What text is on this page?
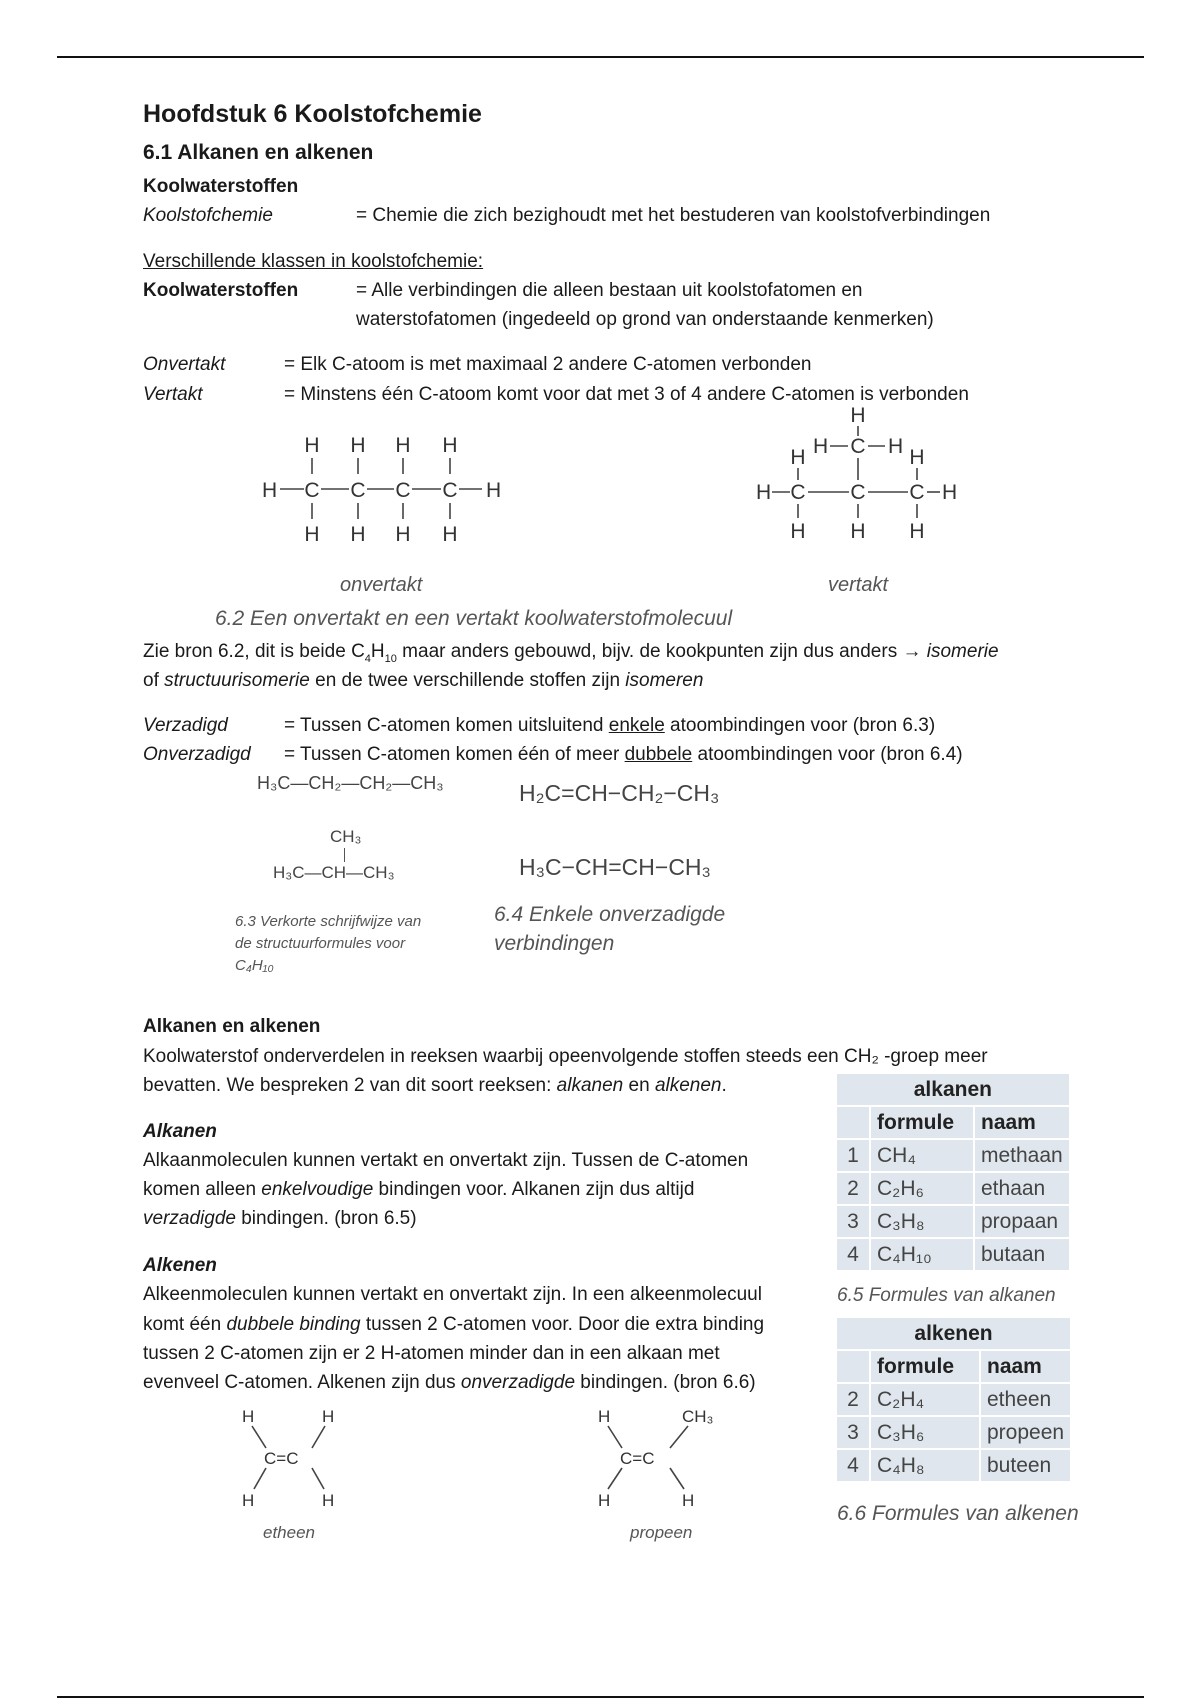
Hoofdstuk 6 Koolstofchemie
6.1 Alkanen en alkenen
Koolwaterstoffen
Koolstofchemie	= Chemie die zich bezighoudt met het bestuderen van koolstofverbindingen
Verschillende klassen in koolstofchemie:
Koolwaterstoffen	= Alle verbindingen die alleen bestaan uit koolstofatomen en
waterstofatomen (ingedeeld op grond van onderstaande kenmerken)
Onvertakt	= Elk C-atoom is met maximaal 2 andere C-atomen verbonden
Vertakt	= Minstens één C-atoom komt voor dat met 3 of 4 andere C-atomen is verbonden
H H H H
H C C C C H
H H H H
H
H C H
H	H
H C C C H
H H H
onvertakt	vertakt
6.2 Een onvertakt en een vertakt koolwaterstofmolecuul
Zie bron 6.2, dit is beide $C_4H_{10}$ maar anders gebouwd, bijv. de kookpunten zijn dus anders → isomerie
of structuurisomerie en de twee verschillende stoffen zijn isomeren
Verzadigd	= Tussen C-atomen komen uitsluitend enkele atoombindingen voor (bron 6.3)
Onverzadigd = Tussen C-atomen komen één of meer dubbele atoombindingen voor (bron 6.4)
H₃C—CH₂—CH₂—CH₃
CH₃
H₃C—CH—CH₃
6.3 Verkorte schrijfwijze van
de structuurformules voor
C₄H₁₀
H₂C=CH−CH₂−CH₃
H₃C−CH=CH−CH₃
6.4 Enkele onverzadigde
verbindingen
Alkanen en alkenen
Koolwaterstof onderverdelen in reeksen waarbij opeenvolgende stoffen steeds een CH₂ -groep meer
bevatten. We bespreken 2 van dit soort reeksen: alkanen en alkenen.
Alkanen
Alkaanmoleculen kunnen vertakt en onvertakt zijn. Tussen de C-atomen
komen alleen enkelvoudige bindingen voor. Alkanen zijn dus altijd
verzadigde bindingen. (bron 6.5)
Alkenen
Alkeenmoleculen kunnen vertakt en onvertakt zijn. In een alkeenmolecuul
komt één dubbele binding tussen 2 C-atomen voor. Door die extra binding
tussen 2 C-atomen zijn er 2 H-atomen minder dan in een alkaan met
evenveel C-atomen. Alkenen zijn dus onverzadigde bindingen. (bron 6.6)
H	H
C=C
H	H
etheen
H	CH₃
C=C
H	H
propeen
alkanen		
	formule	naam
1	CH₄	methaan
2	C₂H₆	ethaan
3	C₃H₈	propaan
4	C₄H₁₀	butaan
6.5 Formules van alkanen
alkenen		
	formule	naam
2	C₂H₄	etheen
3	C₃H₆	propeen
4	C₄H₈	buteen
6.6 Formules van alkenen
